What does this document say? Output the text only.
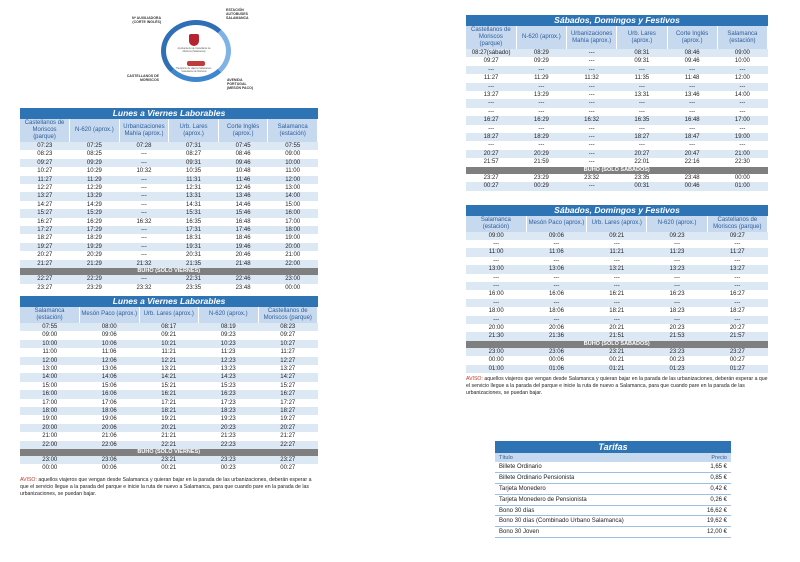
Nª AUXILIADORA (CORTE INGLÉS)
ESTACIÓN AUTOBUSES SALAMANCA
CASTELLANOS DE MORISCOS	AVENIDA PORTUGAL (MESÓN PACO)
Ayuntamiento de Castellanos de Moriscos (Salamanca)
Transporte de viajeros Salamanca - Castellanos de Moriscos
Lunes a Viernes Laborables
Castellanos de Moriscos (parque)	N-620 (aprox.)	Urbanizaciones Mahía (aprox.)	Urb. Lares (aprox.)	Corte Inglés (aprox.)	Salamanca (estación)
07:23	07:25	07:28	07:31	07:45	07:55
08:23	08:25	---	08:27	08:46	09:00
09:27	09:29	---	09:31	09:46	10:00
10:27	10:29	10:32	10:35	10:48	11:00
11:27	11:29	---	11:31	11:46	12:00
12:27	12:29	---	12:31	12:46	13:00
13:27	13:29	---	13:31	13:46	14:00
14:27	14:29	---	14:31	14:46	15:00
15:27	15:29	---	15:31	15:46	16:00
16:27	16:29	16:32	16:35	16:48	17:00
17:27	17:29	---	17:31	17:46	18:00
18:27	18:29	---	18:31	18:46	19:00
19:27	19:29	---	19:31	19:46	20:00
20:27	20:29	---	20:31	20:46	21:00
21:27	21:29	21:32	21:35	21:48	22:00
BÚHO (SÓLO VIERNES)					
22:27	22:29	---	22:31	22:46	23:00
23:27	23:29	23:32	23:35	23:48	00:00
Lunes a Viernes Laborables
Salamanca (estación)	Mesón Paco (aprox.)	Urb. Lares (aprox.)	N-620 (aprox.)	Castellanos de Moriscos (parque)
07:55	08:00	08:17	08:19	08:23
09:00	09:06	09:21	09:23	09:27
10:00	10:06	10:21	10:23	10:27
11:00	11:06	11:21	11:23	11:27
12:00	12:06	12:21	12:23	12:27
13:00	13:06	13:21	13:23	13:27
14:00	14:06	14:21	14:23	14:27
15:00	15:06	15:21	15:23	15:27
16:00	16:06	16:21	16:23	16:27
17:00	17:06	17:21	17:23	17:27
18:00	18:06	18:21	18:23	18:27
19:00	19:06	19:21	19:23	19:27
20:00	20:06	20:21	20:23	20:27
21:00	21:06	21:21	21:23	21:27
22:00	22:06	22:21	22:23	22:27
BÚHO (SÓLO VIERNES)				
23:00	23:06	23:21	23:23	23:27
00:00	00:06	00:21	00:23	00:27

AVISO: aquellos viajeros que vengan desde Salamanca y quieran bajar en la parada de las urbanizaciones, deberán esperar a que el servicio llegue a la parada del parque e inicie la ruta de nuevo a Salamanca, para que cuando pare en la parada de las urbanizaciones, se puedan bajar.

Sábados, Domingos y Festivos
Castellanos de Moriscos (parque)	N-620 (aprox.)	Urbanizaciones Mahía (aprox.)	Urb. Lares (aprox.)	Corte Inglés (aprox.)	Salamanca (estación)
08:27(sábado)	08:29	---	08:31	08:46	09:00
09:27	09:29	---	09:31	09:46	10:00
---	---	---	---	---	---
11:27	11:29	11:32	11:35	11:48	12:00
---	---	---	---	---	---
13:27	13:29	---	13:31	13:46	14:00
---	---	---	---	---	---
---	---	---	---	---	---
16:27	16:29	16:32	16:35	16:48	17:00
---	---	---	---	---	---
18:27	18:29	---	18:27	18:47	19:00
---	---	---	---	---	---
20:27	20:29	---	20:27	20:47	21:00
21:57	21:59	---	22:01	22:16	22:30
BÚHO (SÓLO SÁBADOS)					
23:27	23:29	23:32	23:35	23:48	00:00
00:27	00:29	---	00:31	00:46	01:00
Sábados, Domingos y Festivos
Salamanca (estación)	Mesón Paco (aprox.)	Urb. Lares (aprox.)	N-620 (aprox.)	Castellanos de Moriscos (parque)
09:00	09:06	09:21	09:23	09:27
---	---	---	---	---
11:00	11:06	11:21	11:23	11:27
---	---	---	---	---
13:00	13:06	13:21	13:23	13:27
---	---	---	---	---
---	---	---	---	---
16:00	16:06	16:21	16:23	16:27
---	---	---	---	---
18:00	18:06	18:21	18:23	18:27
---	---	---	---	---
20:00	20:06	20:21	20:23	20:27
21:30	21:36	21:51	21:53	21:57
BÚHO (SÓLO SÁBADOS)				
23:00	23:06	23:21	23:23	23:27
00:00	00:06	00:21	00:23	00:27
01:00	01:06	01:21	01:23	01:27

AVISO: aquellos viajeros que vengan desde Salamanca y quieran bajar en la parada de las urbanizaciones, deberán esperar a que el servicio llegue a la parada del parque e inicie la ruta de nuevo a Salamanca, para que cuando pare en la parada de las urbanizaciones, se puedan bajar.

Tarifas
Título	Precio
Billete Ordinario	1,65 €
Billete Ordinario Pensionista	0,85 €
Tarjeta Monedero	0,42 €
Tarjeta Monedero de Pensionista	0,26 €
Bono 30 días	16,62 €
Bono 30 días (Combinado Urbano Salamanca)	19,62 €
Bono 30 Joven	12,00 €
